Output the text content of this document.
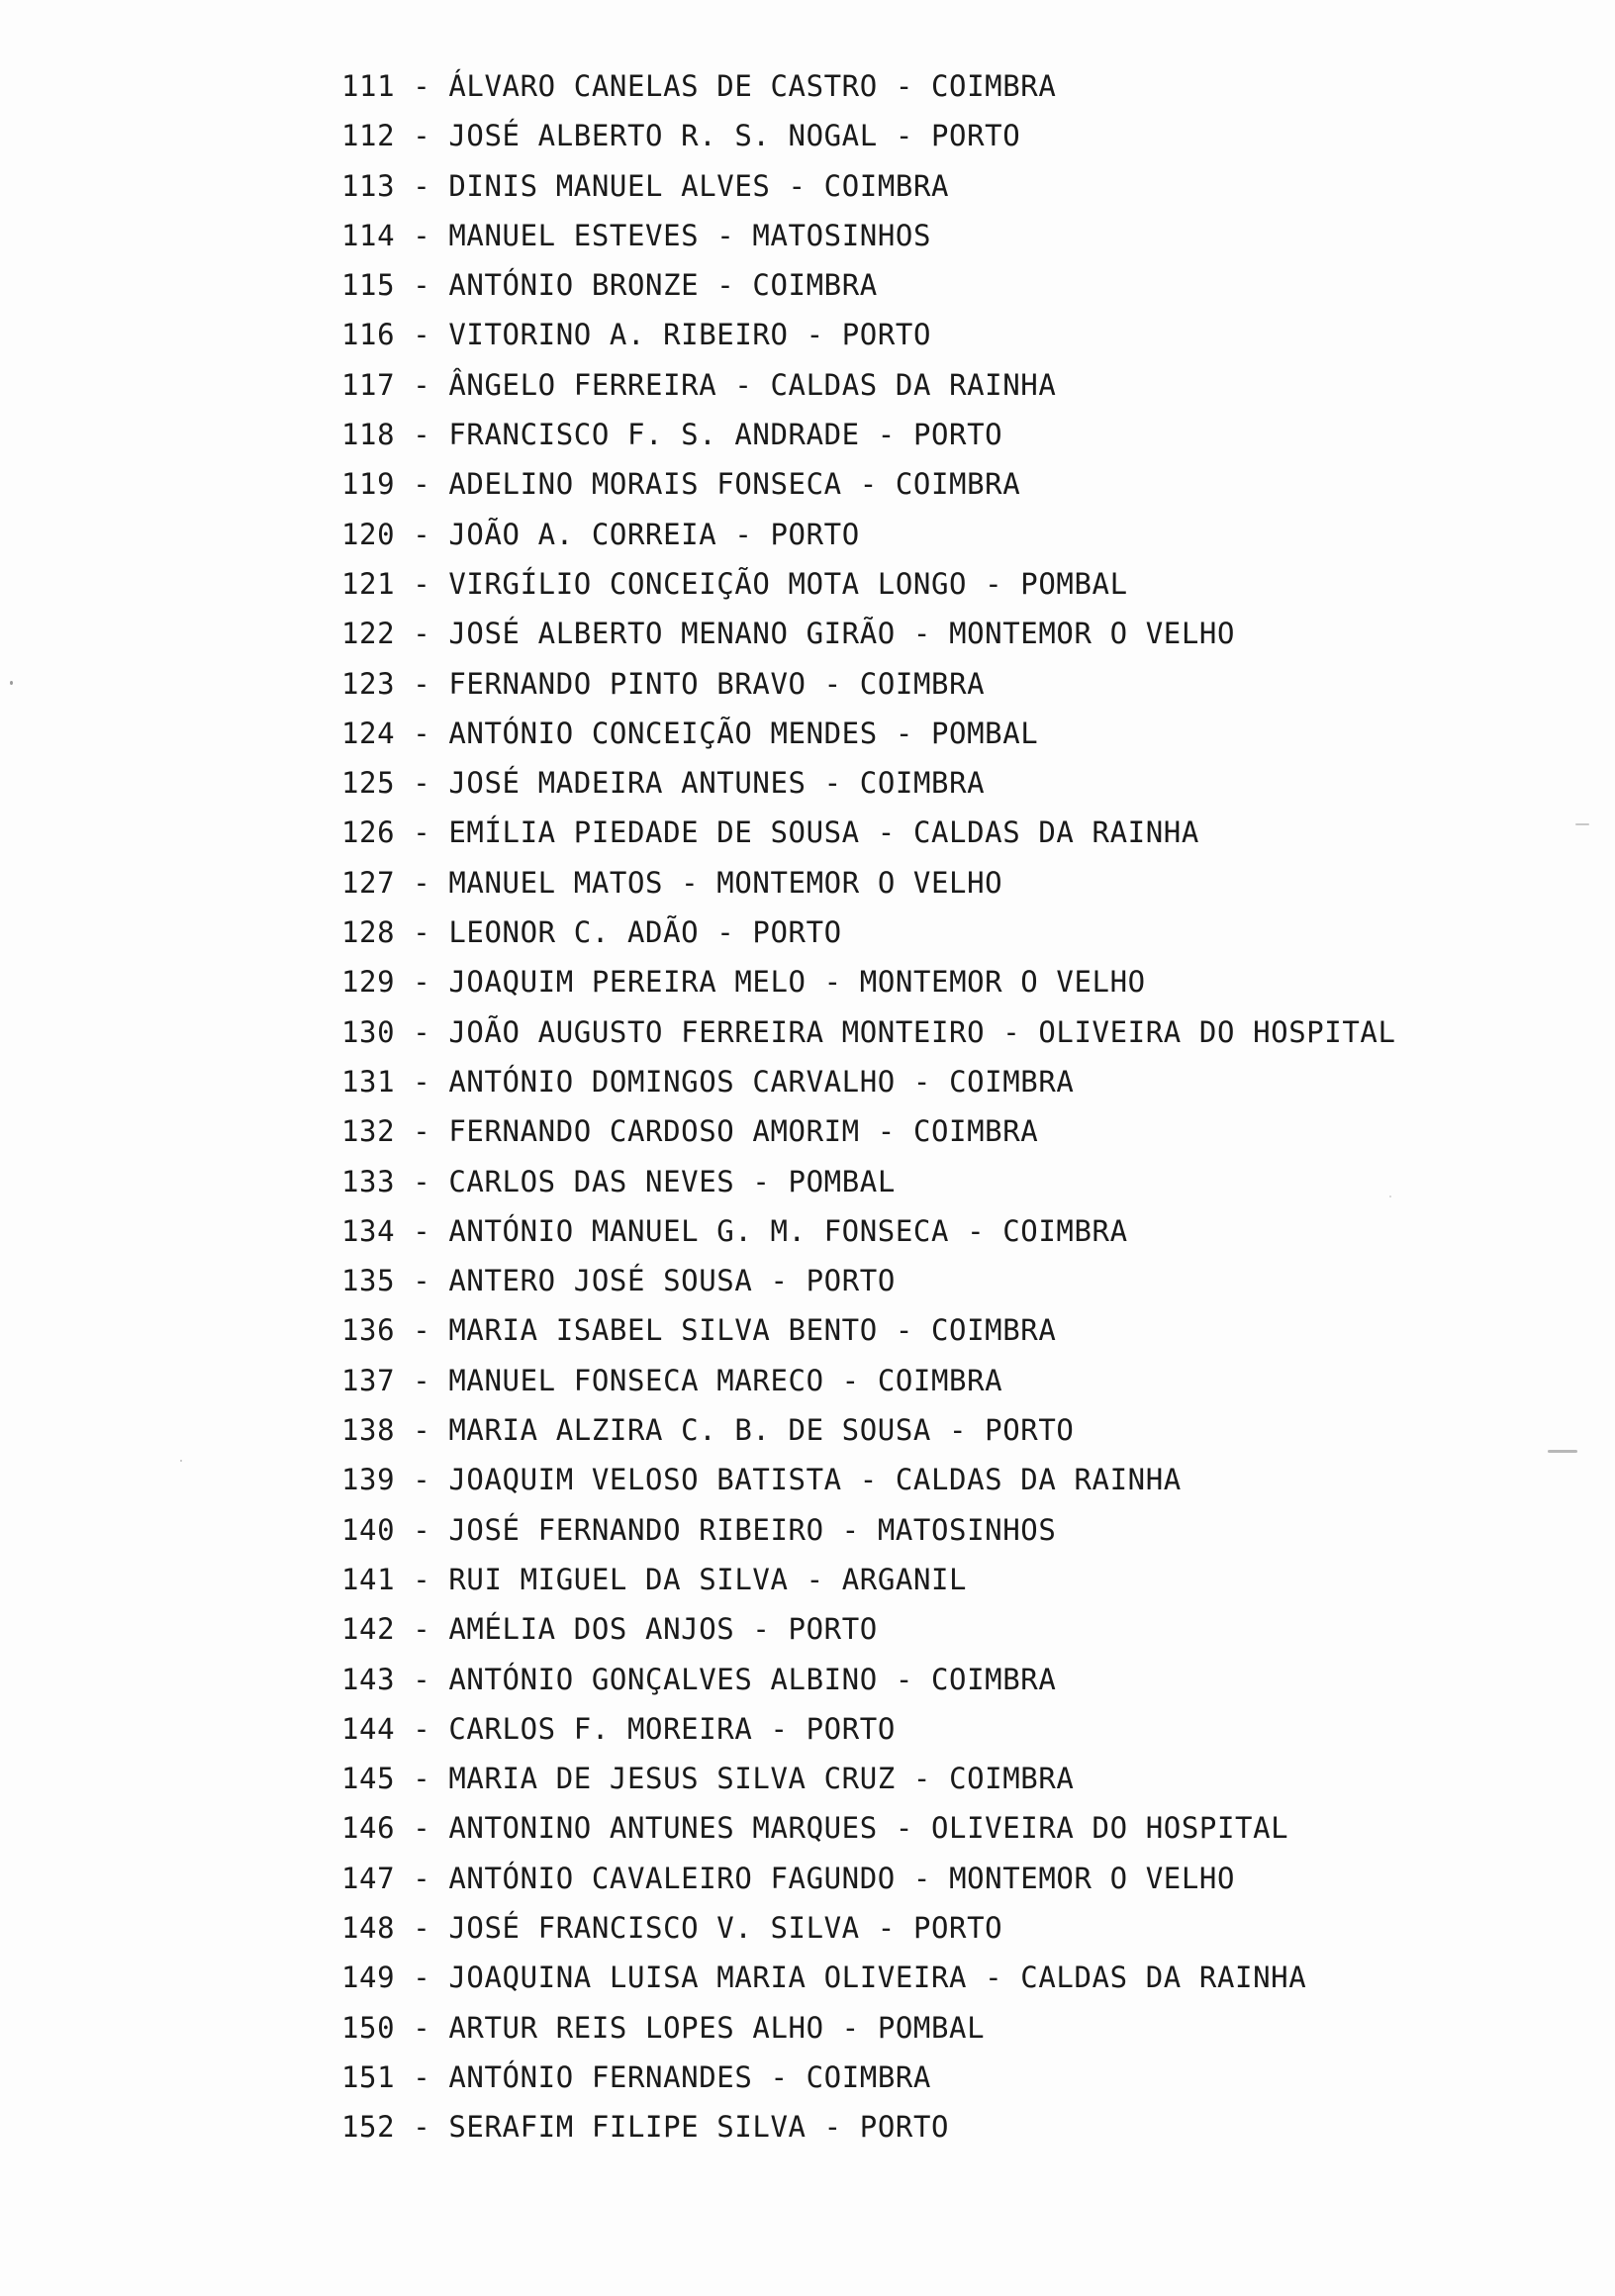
111 - ÁLVARO CANELAS DE CASTRO - COIMBRA
112 - JOSÉ ALBERTO R. S. NOGAL - PORTO
113 - DINIS MANUEL ALVES - COIMBRA
114 - MANUEL ESTEVES - MATOSINHOS
115 - ANTÓNIO BRONZE - COIMBRA
116 - VITORINO A. RIBEIRO - PORTO
117 - ÂNGELO FERREIRA - CALDAS DA RAINHA
118 - FRANCISCO F. S. ANDRADE - PORTO
119 - ADELINO MORAIS FONSECA - COIMBRA
120 - JOÃO A. CORREIA - PORTO
121 - VIRGÍLIO CONCEIÇÃO MOTA LONGO - POMBAL
122 - JOSÉ ALBERTO MENANO GIRÃO - MONTEMOR O VELHO
123 - FERNANDO PINTO BRAVO - COIMBRA
124 - ANTÓNIO CONCEIÇÃO MENDES - POMBAL
125 - JOSÉ MADEIRA ANTUNES - COIMBRA
126 - EMÍLIA PIEDADE DE SOUSA - CALDAS DA RAINHA
127 - MANUEL MATOS - MONTEMOR O VELHO
128 - LEONOR C. ADÃO - PORTO
129 - JOAQUIM PEREIRA MELO - MONTEMOR O VELHO
130 - JOÃO AUGUSTO FERREIRA MONTEIRO - OLIVEIRA DO HOSPITAL
131 - ANTÓNIO DOMINGOS CARVALHO - COIMBRA
132 - FERNANDO CARDOSO AMORIM - COIMBRA
133 - CARLOS DAS NEVES - POMBAL
134 - ANTÓNIO MANUEL G. M. FONSECA - COIMBRA
135 - ANTERO JOSÉ SOUSA - PORTO
136 - MARIA ISABEL SILVA BENTO - COIMBRA
137 - MANUEL FONSECA MARECO - COIMBRA
138 - MARIA ALZIRA C. B. DE SOUSA - PORTO
139 - JOAQUIM VELOSO BATISTA - CALDAS DA RAINHA
140 - JOSÉ FERNANDO RIBEIRO - MATOSINHOS
141 - RUI MIGUEL DA SILVA - ARGANIL
142 - AMÉLIA DOS ANJOS - PORTO
143 - ANTÓNIO GONÇALVES ALBINO - COIMBRA
144 - CARLOS F. MOREIRA - PORTO
145 - MARIA DE JESUS SILVA CRUZ - COIMBRA
146 - ANTONINO ANTUNES MARQUES - OLIVEIRA DO HOSPITAL
147 - ANTÓNIO CAVALEIRO FAGUNDO - MONTEMOR O VELHO
148 - JOSÉ FRANCISCO V. SILVA - PORTO
149 - JOAQUINA LUISA MARIA OLIVEIRA - CALDAS DA RAINHA
150 - ARTUR REIS LOPES ALHO - POMBAL
151 - ANTÓNIO FERNANDES - COIMBRA
152 - SERAFIM FILIPE SILVA - PORTO
